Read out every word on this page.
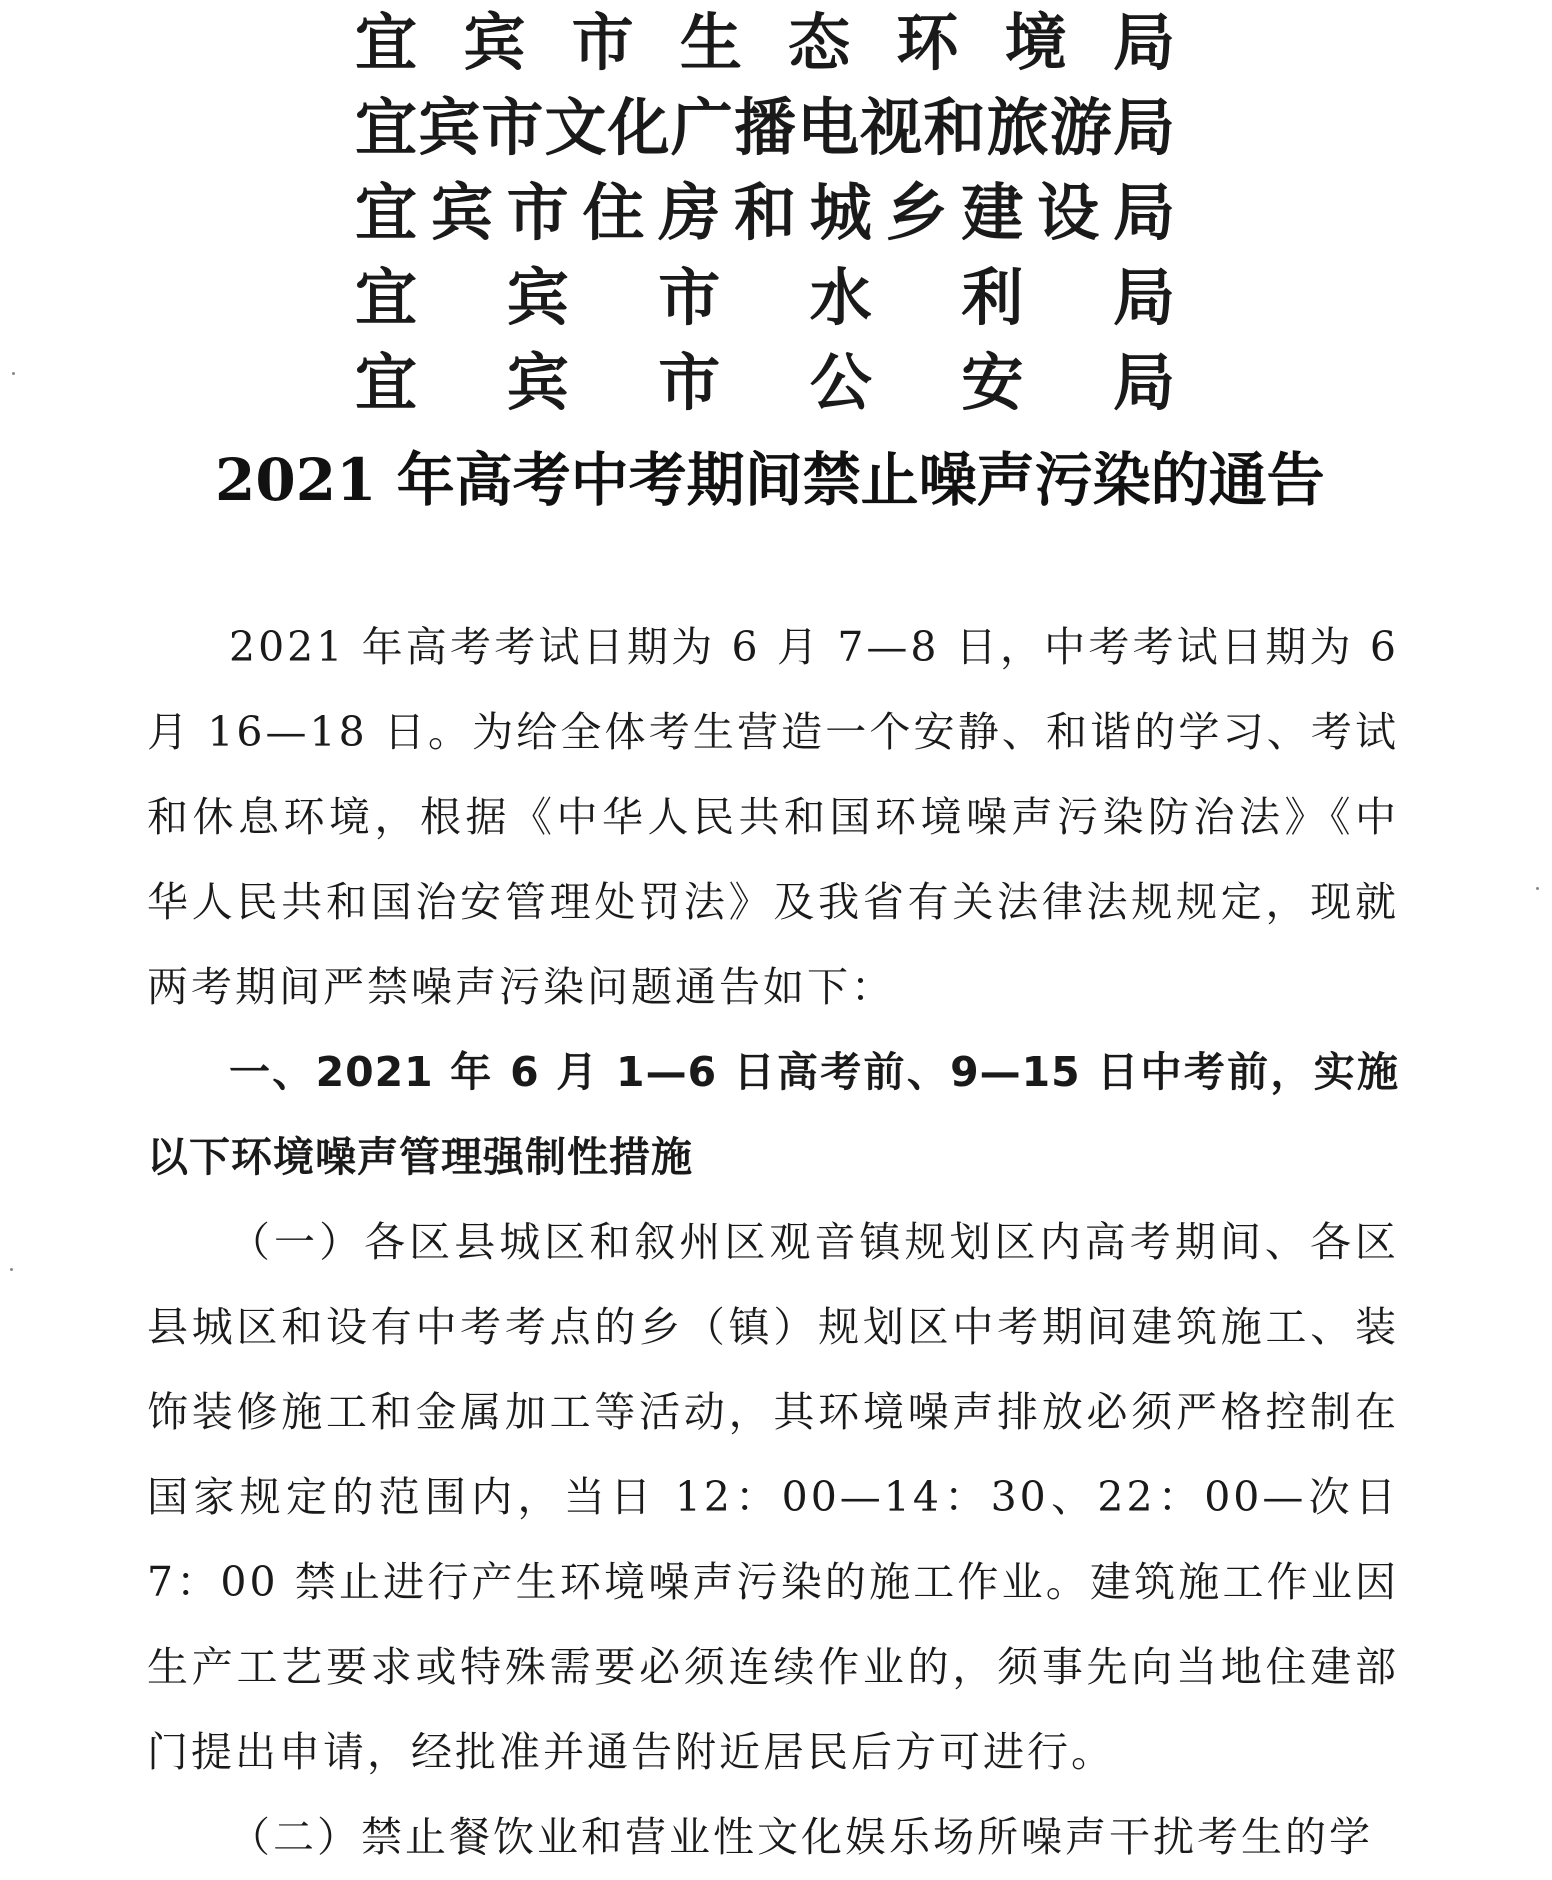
宜 宾 市 生 态 环 境 局
宜 宾 市 文 化 广 播 电 视 和 旅 游 局
宜 宾 市 住 房 和 城 乡 建 设 局
宜 宾 市 水 利 局
宜 宾 市 公 安 局
2021 年高考中考期间禁止噪声污染的通告

2021 年高考考试日期为 6 月 7—8 日，中考考试日期为 6 月 16—18 日。为给全体考生营造一个安静、和谐的学习、考试和休息环境，根据《中华人民共和国环境噪声污染防治法》《中华人民共和国治安管理处罚法》及我省有关法律法规规定，现就两考期间严禁噪声污染问题通告如下：

一、2021 年 6 月 1—6 日高考前、9—15 日中考前，实施以下环境噪声管理强制性措施

（一）各区县城区和叙州区观音镇规划区内高考期间、各区县城区和设有中考考点的乡（镇）规划区中考期间建筑施工、装饰装修施工和金属加工等活动，其环境噪声排放必须严格控制在国家规定的范围内，当日 12：00—14：30、22：00—次日 7：00 禁止进行产生环境噪声污染的施工作业。建筑施工作业因生产工艺要求或特殊需要必须连续作业的，须事先向当地住建部门提出申请，经批准并通告附近居民后方可进行。

（二）禁止餐饮业和营业性文化娱乐场所噪声干扰考生的学
